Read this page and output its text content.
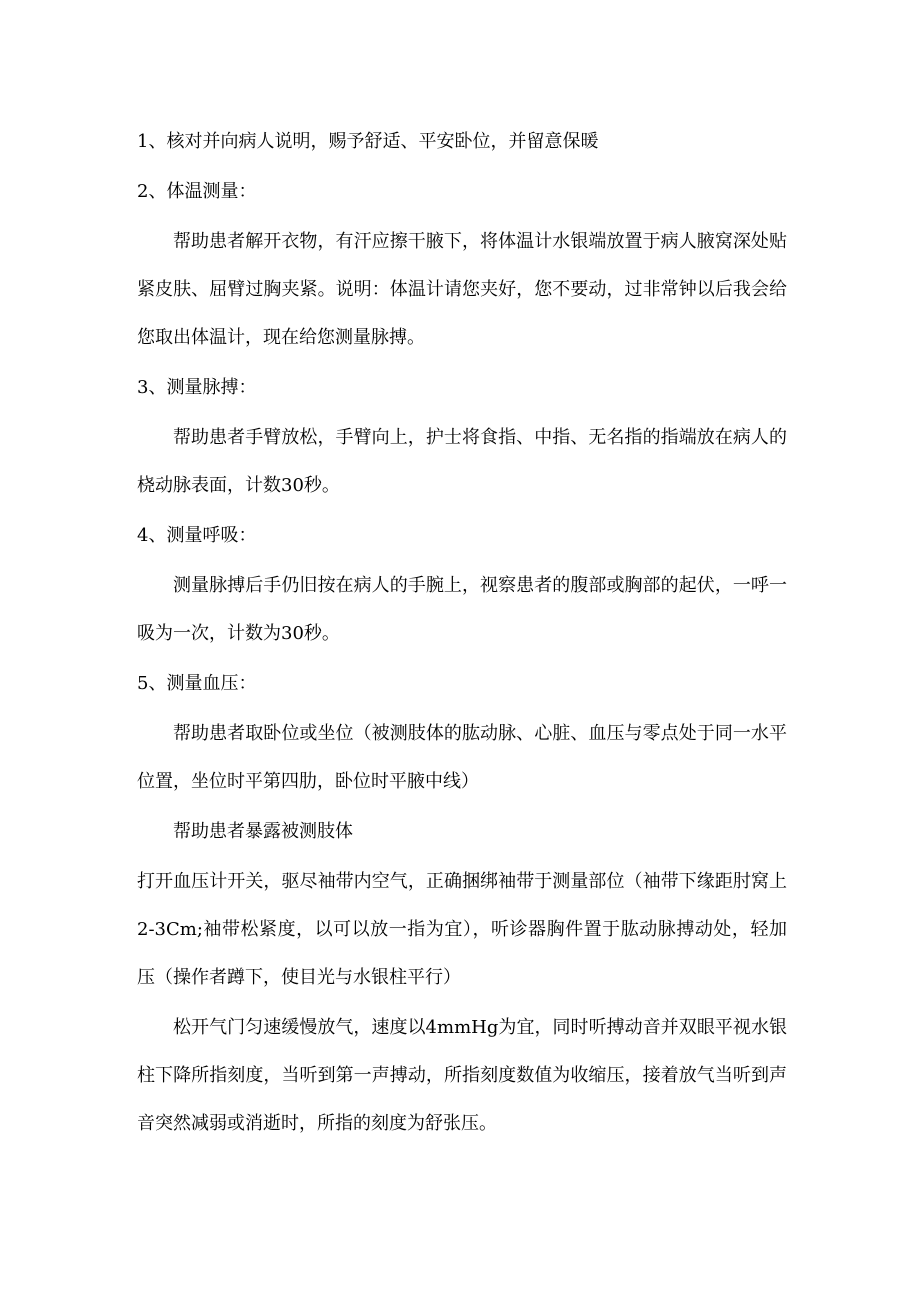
1、核对并向病人说明，赐予舒适、平安卧位，并留意保暖
2、体温测量：
帮助患者解开衣物，有汗应擦干腋下，将体温计水银端放置于病人腋窝深处贴紧皮肤、屈臂过胸夹紧。说明：体温计请您夹好，您不要动，过非常钟以后我会给您取出体温计，现在给您测量脉搏。
3、测量脉搏：
帮助患者手臂放松，手臂向上，护士将食指、中指、无名指的指端放在病人的桡动脉表面，计数30秒。
4、测量呼吸：
测量脉搏后手仍旧按在病人的手腕上，视察患者的腹部或胸部的起伏，一呼一吸为一次，计数为30秒。
5、测量血压：
帮助患者取卧位或坐位（被测肢体的肱动脉、心脏、血压与零点处于同一水平位置，坐位时平第四肋，卧位时平腋中线）
帮助患者暴露被测肢体
打开血压计开关，驱尽袖带内空气，正确捆绑袖带于测量部位（袖带下缘距肘窝上2-3Cm;袖带松紧度，以可以放一指为宜），听诊器胸件置于肱动脉搏动处，轻加压（操作者蹲下，使目光与水银柱平行）
松开气门匀速缓慢放气，速度以4mmHg为宜，同时听搏动音并双眼平视水银柱下降所指刻度，当听到第一声搏动，所指刻度数值为收缩压，接着放气当听到声音突然减弱或消逝时，所指的刻度为舒张压。
